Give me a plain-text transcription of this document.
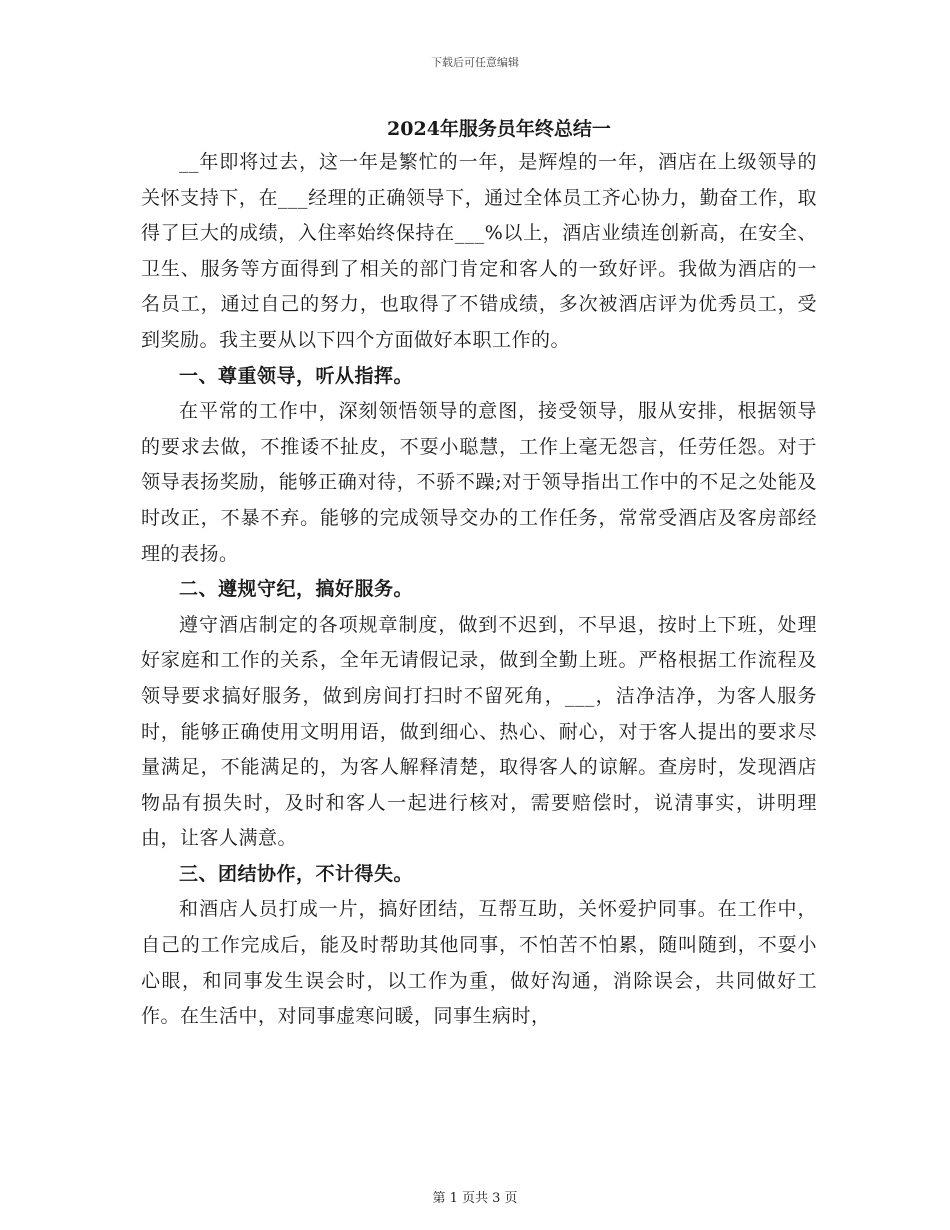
下载后可任意编辑
2024年服务员年终总结一

__年即将过去，这一年是繁忙的一年，是辉煌的一年，酒店在上级领导的关怀支持下，在___经理的正确领导下，通过全体员工齐心协力，勤奋工作，取得了巨大的成绩，入住率始终保持在___%以上，酒店业绩连创新高，在安全、卫生、服务等方面得到了相关的部门肯定和客人的一致好评。我做为酒店的一名员工，通过自己的努力，也取得了不错成绩，多次被酒店评为优秀员工，受到奖励。我主要从以下四个方面做好本职工作的。

一、尊重领导，听从指挥。

在平常的工作中，深刻领悟领导的意图，接受领导，服从安排，根据领导的要求去做，不推诿不扯皮，不耍小聪慧，工作上毫无怨言，任劳任怨。对于领导表扬奖励，能够正确对待，不骄不躁;对于领导指出工作中的不足之处能及时改正，不暴不弃。能够的完成领导交办的工作任务，常常受酒店及客房部经理的表扬。

二、遵规守纪，搞好服务。

遵守酒店制定的各项规章制度，做到不迟到，不早退，按时上下班，处理好家庭和工作的关系，全年无请假记录，做到全勤上班。严格根据工作流程及领导要求搞好服务，做到房间打扫时不留死角，___，洁净洁净，为客人服务时，能够正确使用文明用语，做到细心、热心、耐心，对于客人提出的要求尽量满足，不能满足的，为客人解释清楚，取得客人的谅解。查房时，发现酒店物品有损失时，及时和客人一起进行核对，需要赔偿时，说清事实，讲明理由，让客人满意。

三、团结协作，不计得失。

和酒店人员打成一片，搞好团结，互帮互助，关怀爱护同事。在工作中，自己的工作完成后，能及时帮助其他同事，不怕苦不怕累，随叫随到，不耍小心眼，和同事发生误会时，以工作为重，做好沟通，消除误会，共同做好工作。在生活中，对同事虚寒问暖，同事生病时，

第 1 页共 3 页
